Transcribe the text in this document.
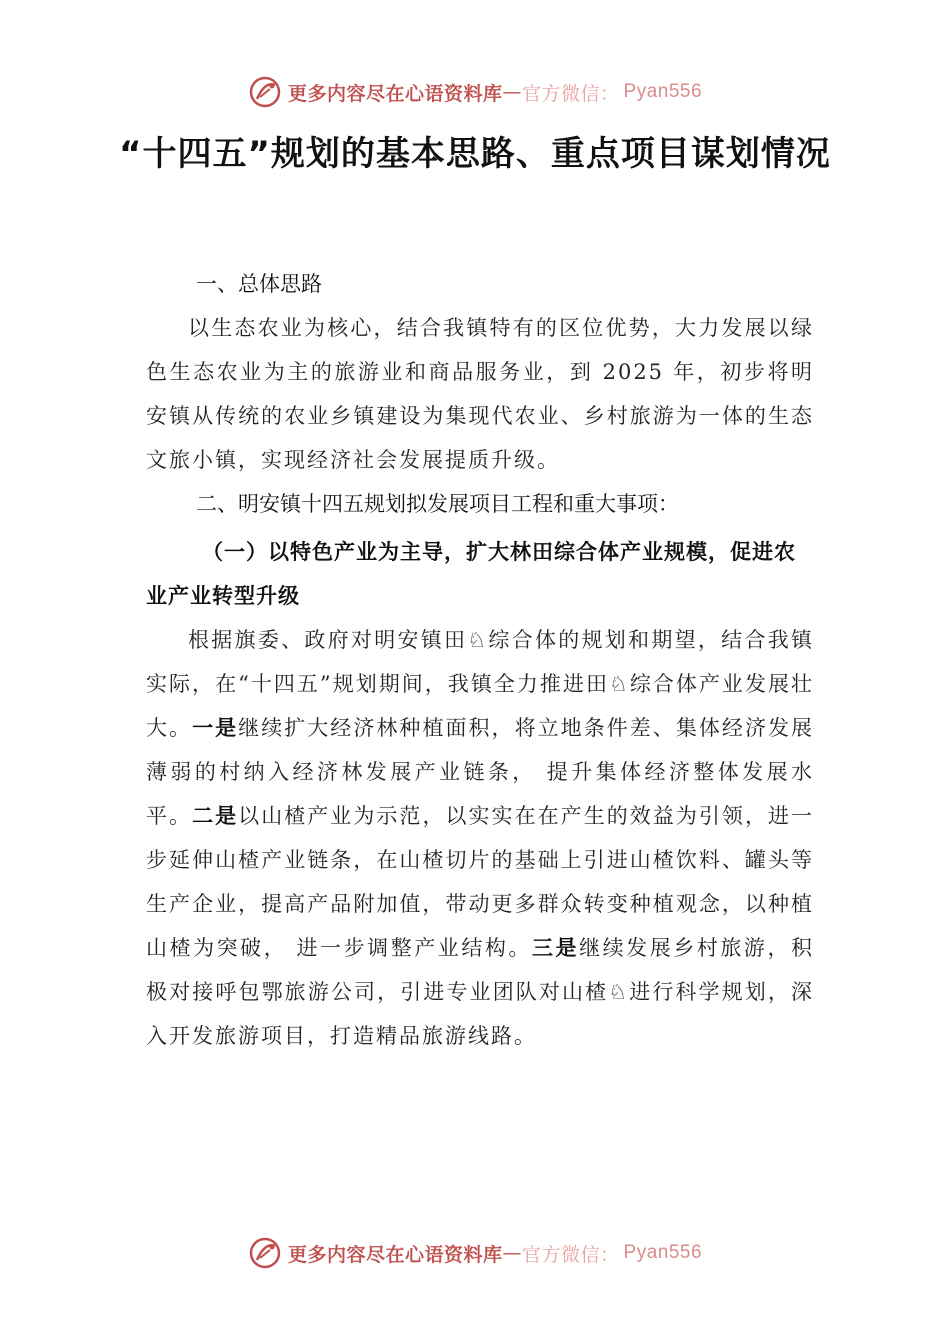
更多内容尽在心语资料库 — 官方微信 ： Pyan556
“十四五”规划的基本思路、重点项目谋划情况
一、总体思路
以生态农业为核心，结合我镇特有的区位优势，大力发展以绿色生态农业为主的旅游业和商品服务业，到 2025 年，初步将明安镇从传统的农业乡镇建设为集现代农业、乡村旅游为一体的生态文旅小镇，实现经济社会发展提质升级。
二、明安镇十四五规划拟发展项目工程和重大事项：
（一）以特色产业为主导，扩大林田综合体产业规模，促进农业产业转型升级
根据旗委、政府对明安镇田♘综合体的规划和期望，结合我镇实际，在“十四五”规划期间，我镇全力推进田♘综合体产业发展壮大。一是继续扩大经济林种植面积，将立地条件差、集体经济发展薄弱的村纳入经济林发展产业链条， 提升集体经济整体发展水平。二是以山楂产业为示范，以实实在在产生的效益为引领，进一步延伸山楂产业链条，在山楂切片的基础上引进山楂饮料、罐头等生产企业，提高产品附加值，带动更多群众转变种植观念，以种植山楂为突破， 进一步调整产业结构。三是继续发展乡村旅游，积极对接呼包鄂旅游公司，引进专业团队对山楂♘进行科学规划，深入开发旅游项目，打造精品旅游线路。
更多内容尽在心语资料库 — 官方微信 ： Pyan556
